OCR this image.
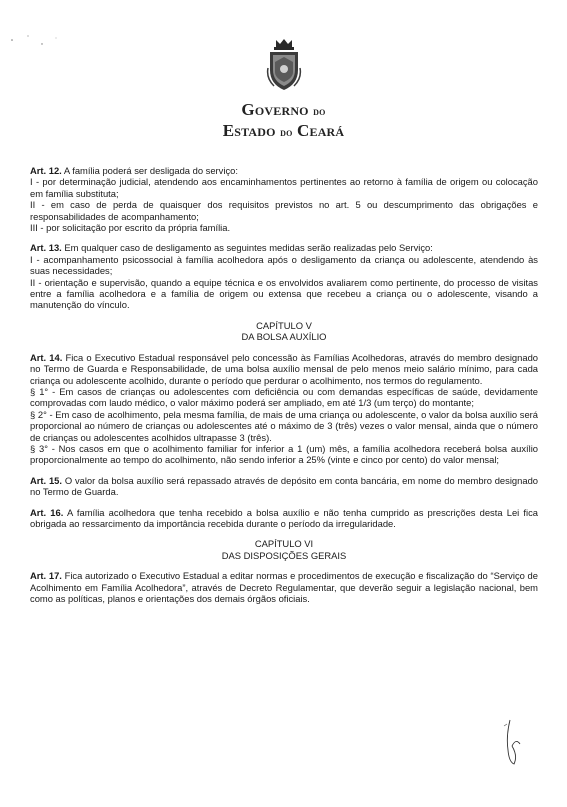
Governo do
Estado do Ceará

Art. 12. A família poderá ser desligada do serviço:

I - por determinação judicial, atendendo aos encaminhamentos pertinentes ao retorno à família de origem ou colocação em família substituta;

II - em caso de perda de quaisquer dos requisitos previstos no art. 5 ou descumprimento das obrigações e responsabilidades de acompanhamento;

III - por solicitação por escrito da própria família.

Art. 13. Em qualquer caso de desligamento as seguintes medidas serão realizadas pelo Serviço:

I - acompanhamento psicossocial à família acolhedora após o desligamento da criança ou adolescente, atendendo às suas necessidades;

II - orientação e supervisão, quando a equipe técnica e os envolvidos avaliarem como pertinente, do processo de visitas entre a família acolhedora e a família de origem ou extensa que recebeu a criança ou o adolescente, visando a manutenção do vínculo.

CAPÍTULO V

DA BOLSA AUXÍLIO

Art. 14. Fica o Executivo Estadual responsável pelo concessão às Famílias Acolhedoras, através do membro designado no Termo de Guarda e Responsabilidade, de uma bolsa auxílio mensal de pelo menos meio salário mínimo, para cada criança ou adolescente acolhido, durante o período que perdurar o acolhimento, nos termos do regulamento.

§ 1° - Em casos de crianças ou adolescentes com deficiência ou com demandas específicas de saúde, devidamente comprovadas com laudo médico, o valor máximo poderá ser ampliado, em até 1/3 (um terço) do montante;

§ 2° - Em caso de acolhimento, pela mesma família, de mais de uma criança ou adolescente, o valor da bolsa auxílio será proporcional ao número de crianças ou adolescentes até o máximo de 3 (três) vezes o valor mensal, ainda que o número de crianças ou adolescentes acolhidos ultrapasse 3 (três).

§ 3° - Nos casos em que o acolhimento familiar for inferior a 1 (um) mês, a família acolhedora receberá bolsa auxílio proporcionalmente ao tempo do acolhimento, não sendo inferior a 25% (vinte e cinco por cento) do valor mensal;

Art. 15. O valor da bolsa auxílio será repassado através de depósito em conta bancária, em nome do membro designado no Termo de Guarda.

Art. 16. A família acolhedora que tenha recebido a bolsa auxílio e não tenha cumprido as prescrições desta Lei fica obrigada ao ressarcimento da importância recebida durante o período da irregularidade.

CAPÍTULO VI

DAS DISPOSIÇÕES GERAIS

Art. 17. Fica autorizado o Executivo Estadual a editar normas e procedimentos de execução e fiscalização do “Serviço de Acolhimento em Família Acolhedora”, através de Decreto Regulamentar, que deverão seguir a legislação nacional, bem como as políticas, planos e orientações dos demais órgãos oficiais.
